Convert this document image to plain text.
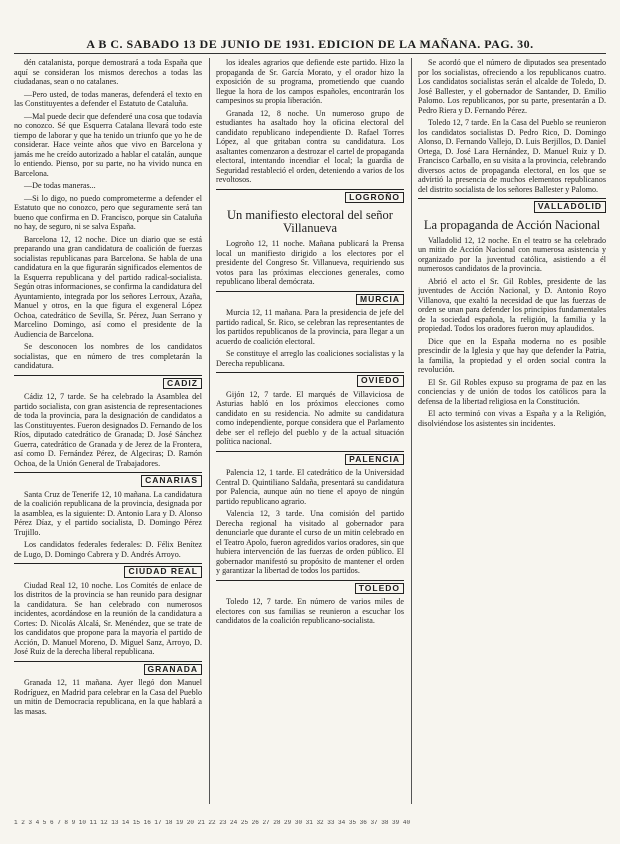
A B C. SABADO 13 DE JUNIO DE 1931. EDICION DE LA MAÑANA. PAG. 30.

dén catalanista, porque demostrará a toda España que aquí se consideran los mismos derechos a todas las ciudadanas, sean o no catalanes.

—Pero usted, de todas maneras, defenderá el texto en las Constituyentes a defender el Estatuto de Cataluña.

—Mal puede decir que defenderé una cosa que todavía no conozco. Sé que Esquerra Catalana llevará todo este tiempo de laborar y que ha tenido un triunfo que yo he de considerar. Hace veinte años que vivo en Barcelona y jamás me he creído autorizado a hablar el catalán, aunque lo entiendo. Pienso, por su parte, no ha vivido nunca en Barcelona.

—De todas maneras...

—Si lo digo, no puedo comprometerme a defender el Estatuto que no conozco, pero que seguramente será tan bueno que confirma en D. Francisco, porque sin Cataluña no hay, de seguro, ni se salva España.

Barcelona 12, 12 noche. Dice un diario que se está preparando una gran candidatura de coalición de fuerzas socialistas republicanas para Barcelona. Se habla de una candidatura en la que figurarán significados elementos de la Esquerra republicana y del partido radical-socialista. Según otras informaciones, se confirma la candidatura del Ayuntamiento, integrada por los señores Lerroux, Azaña, Manuel y otros, en la que figura el exgeneral López Ochoa, catedrático de Sevilla, Sr. Pérez, Juan Serrano y Marcelino Domingo, así como el presidente de la Audiencia de Barcelona.

Se desconocen los nombres de los candidatos socialistas, que en número de tres completarán la candidatura.

CADIZ

Cádiz 12, 7 tarde. Se ha celebrado la Asamblea del partido socialista, con gran asistencia de representaciones de toda la provincia, para la designación de candidatos a las Constituyentes. Fueron designados D. Fernando de los Ríos, diputado catedrático de Granada; D. José Sánchez Guerra, catedrático de Granada y de Jerez de la Frontera, así como D. Fernández Pérez, de Algeciras; D. Ramón Ochoa, de la Unión General de Trabajadores.

CANARIAS

Santa Cruz de Tenerife 12, 10 mañana. La candidatura de la coalición republicana de la provincia, designada por la asamblea, es la siguiente: D. Antonio Lara y D. Alonso Pérez Díaz, y el partido socialista, D. Domingo Pérez Trujillo.

Los candidatos federales federales: D. Félix Benítez de Lugo, D. Domingo Cabrera y D. Andrés Arroyo.

CIUDAD REAL

Ciudad Real 12, 10 noche. Los Comités de enlace de los distritos de la provincia se han reunido para designar la candidatura. Se han celebrado con numerosos incidentes, acordándose en la reunión de la candidatura a Cortes: D. Nicolás Alcalá, Sr. Menéndez, que se trate de los candidatos que propone para la mayoría el partido de Acción, D. Manuel Moreno, D. Miguel Sanz, Arroyo, D. José Ruiz de la derecha liberal republicana.

GRANADA

Granada 12, 11 mañana. Ayer llegó don Manuel Rodríguez, en Madrid para celebrar en la Casa del Pueblo un mitin de Democracia republicana, en la que hablará a las masas.

los ideales agrarios que defiende este partido. Hizo la propaganda de Sr. García Morato, y el orador hizo la exposición de su programa, prometiendo que cuando llegue la hora de los campos españoles, encontrarán los campesinos su propia liberación.

Granada 12, 8 noche. Un numeroso grupo de estudiantes ha asaltado hoy la oficina electoral del candidato republicano independiente D. Rafael Torres López, al que gritaban contra su candidatura. Los asaltantes comenzaron a destrozar el cartel de propaganda electoral, intentando incendiar el local; la guardia de Seguridad restableció el orden, deteniendo a varios de los revoltosos.

LOGROÑO
Un manifiesto electoral del señor Villanueva

Logroño 12, 11 noche. Mañana publicará la Prensa local un manifiesto dirigido a los electores por el presidente del Congreso Sr. Villanueva, requiriendo sus votos para las próximas elecciones generales, como republicano liberal demócrata.

MURCIA

Murcia 12, 11 mañana. Para la presidencia de jefe del partido radical, Sr. Rico, se celebran las representantes de los partidos republicanos de la provincia, para llegar a un acuerdo de coalición electoral.

Se constituye el arreglo las coaliciones socialistas y la Derecha republicana.

OVIEDO

Gijón 12, 7 tarde. El marqués de Villaviciosa de Asturias habló en los próximos elecciones como candidato en su residencia. No admite su candidatura como independiente, porque considera que el Parlamento debe ser el reflejo del pueblo y de la actual situación política nacional.

PALENCIA

Palencia 12, 1 tarde. El catedrático de la Universidad Central D. Quintiliano Saldaña, presentará su candidatura por Palencia, aunque aún no tiene el apoyo de ningún partido republicano agrario.

Valencia 12, 3 tarde. Una comisión del partido Derecha regional ha visitado al gobernador para denunciarle que durante el curso de un mitin celebrado en el Teatro Apolo, fueron agredidos varios oradores, sin que hubiera intervención de las fuerzas de orden público. El gobernador manifestó su propósito de mantener el orden y garantizar la libertad de todos los partidos.

TOLEDO

Toledo 12, 7 tarde. En número de varios miles de electores con sus familias se reunieron a escuchar los candidatos de la coalición republicano-socialista.

Se acordó que el número de diputados sea presentado por los socialistas, ofreciendo a los republicanos cuatro. Los candidatos socialistas serán el alcalde de Toledo, D. José Ballester, y el gobernador de Santander, D. Emilio Palomo. Los republicanos, por su parte, presentarán a D. Pedro Riera y D. Fernando Pérez.

Toledo 12, 7 tarde. En la Casa del Pueblo se reunieron los candidatos socialistas D. Pedro Rico, D. Domingo Alonso, D. Fernando Vallejo, D. Luis Berjillos, D. Daniel Ortega, D. José Lara Hernández, D. Manuel Ruiz y D. Francisco Carballo, en su visita a la provincia, celebrando diversos actos de propaganda electoral, en los que se advirtió la presencia de muchos elementos republicanos del distrito socialista de los señores Ballester y Palomo.

VALLADOLID
La propaganda de Acción Nacional

Valladolid 12, 12 noche. En el teatro se ha celebrado un mitin de Acción Nacional con numerosa asistencia y organizado por la juventud católica, asistiendo a él numerosos candidatos de la provincia.

Abrió el acto el Sr. Gil Robles, presidente de las juventudes de Acción Nacional, y D. Antonio Royo Villanova, que exaltó la necesidad de que las fuerzas de orden se unan para defender los principios fundamentales de la sociedad española, la religión, la familia y la propiedad. Todos los oradores fueron muy aplaudidos.

Dice que en la España moderna no es posible prescindir de la Iglesia y que hay que defender la Patria, la familia, la propiedad y el orden social contra la revolución.

El Sr. Gil Robles expuso su programa de paz en las conciencias y de unión de todos los católicos para la defensa de la libertad religiosa en la Constitución.

El acto terminó con vivas a España y a la Religión, disolviéndose los asistentes sin incidentes.

1 2 3 4 5 6 7 8 9 10 11 12 13 14 15 16 17 18 19 20 21 22 23 24 25 26 27 28 29 30 31 32 33 34 35 36 37 38 39 40
